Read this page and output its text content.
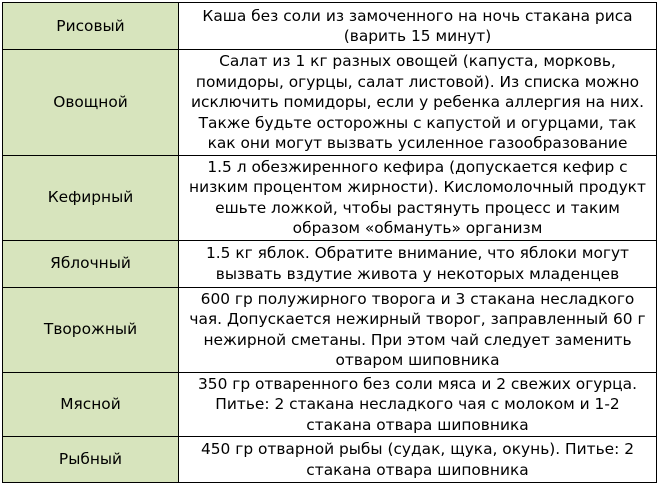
Рисовый	Каша без соли из замоченного на ночь стакана риса (варить 15 минут)
Овощной	Салат из 1 кг разных овощей (капуста, морковь, помидоры, огурцы, салат листовой). Из списка можно исключить помидоры, если у ребенка аллергия на них. Также будьте осторожны с капустой и огурцами, так как они могут вызвать усиленное газообразование
Кефирный	1.5 л обезжиренного кефира (допускается кефир с низким процентом жирности). Кисломолочный продукт ешьте ложкой, чтобы растянуть процесс и таким образом «обмануть» организм
Яблочный	1.5 кг яблок. Обратите внимание, что яблоки могут вызвать вздутие живота у некоторых младенцев
Творожный	600 гр полужирного творога и 3 стакана несладкого чая. Допускается нежирный творог, заправленный 60 г нежирной сметаны. При этом чай следует заменить отваром шиповника
Мясной	350 гр отваренного без соли мяса и 2 свежих огурца. Питье: 2 стакана несладкого чая с молоком и 1-2 стакана отвара шиповника
Рыбный	450 гр отварной рыбы (судак, щука, окунь). Питье: 2 стакана отвара шиповника
